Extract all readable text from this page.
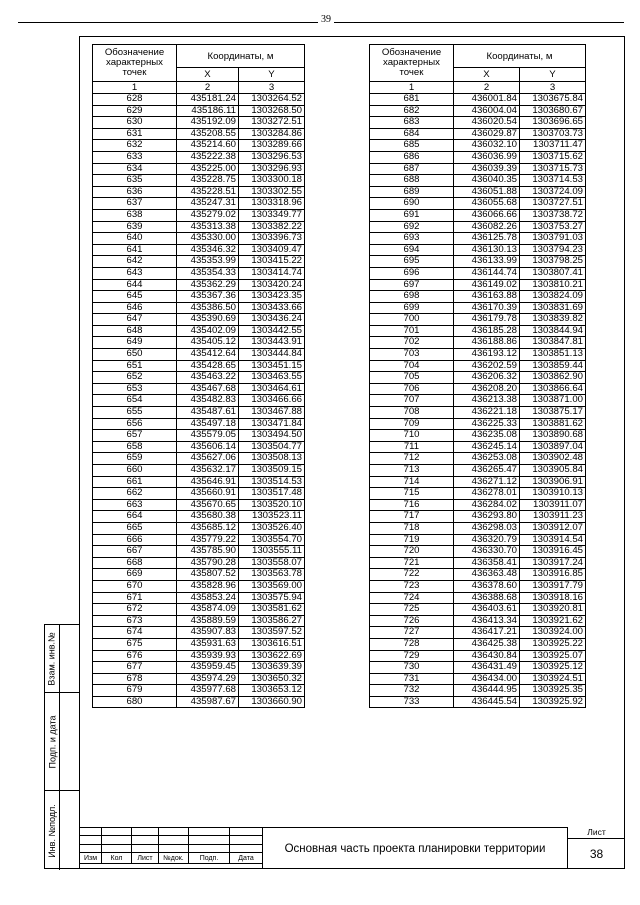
39
Обозначение характерных точек	Координаты, м	
	X	Y
1	2	3
628	435181.24	1303264.52
629	435186.11	1303268.50
630	435192.09	1303272.51
631	435208.55	1303284.86
632	435214.60	1303289.66
633	435222.38	1303296.53
634	435225.00	1303296.93
635	435228.75	1303300.18
636	435228.51	1303302.55
637	435247.31	1303318.96
638	435279.02	1303349.77
639	435313.38	1303382.22
640	435330.00	1303396.73
641	435346.32	1303409.47
642	435353.99	1303415.22
643	435354.33	1303414.74
644	435362.29	1303420.24
645	435367.36	1303423.35
646	435386.50	1303433.66
647	435390.69	1303436.24
648	435402.09	1303442.55
649	435405.12	1303443.91
650	435412.64	1303444.84
651	435428.65	1303451.15
652	435463.22	1303463.55
653	435467.68	1303464.61
654	435482.83	1303466.66
655	435487.61	1303467.88
656	435497.18	1303471.84
657	435579.05	1303494.50
658	435606.14	1303504.77
659	435627.06	1303508.13
660	435632.17	1303509.15
661	435646.91	1303514.53
662	435660.91	1303517.48
663	435670.65	1303520.10
664	435680.38	1303523.11
665	435685.12	1303526.40
666	435779.22	1303554.70
667	435785.90	1303555.11
668	435790.28	1303558.07
669	435807.52	1303563.78
670	435828.96	1303569.00
671	435853.24	1303575.94
672	435874.09	1303581.62
673	435889.59	1303586.27
674	435907.83	1303597.52
675	435931.63	1303616.51
676	435939.93	1303622.69
677	435959.45	1303639.39
678	435974.29	1303650.32
679	435977.68	1303653.12
680	435987.67	1303660.90
Обозначение характерных точек	Координаты, м	
	X	Y
1	2	3
681	436001.84	1303675.84
682	436004.04	1303680.67
683	436020.54	1303696.65
684	436029.87	1303703.73
685	436032.10	1303711.47
686	436036.99	1303715.62
687	436039.39	1303715.73
688	436040.35	1303714.53
689	436051.88	1303724.09
690	436055.68	1303727.51
691	436066.66	1303738.72
692	436082.26	1303753.27
693	436125.78	1303791.03
694	436130.13	1303794.23
695	436133.99	1303798.25
696	436144.74	1303807.41
697	436149.02	1303810.21
698	436163.88	1303824.09
699	436170.39	1303831.69
700	436179.78	1303839.82
701	436185.28	1303844.94
702	436188.86	1303847.81
703	436193.12	1303851.13
704	436202.59	1303859.44
705	436206.32	1303862.90
706	436208.20	1303866.64
707	436213.38	1303871.00
708	436221.18	1303875.17
709	436225.33	1303881.62
710	436235.08	1303890.68
711	436245.14	1303897.04
712	436253.08	1303902.48
713	436265.47	1303905.84
714	436271.12	1303906.91
715	436278.01	1303910.13
716	436284.02	1303911.07
717	436293.80	1303911.23
718	436298.03	1303912.07
719	436320.79	1303914.54
720	436330.70	1303916.45
721	436358.41	1303917.24
722	436363.48	1303916.85
723	436378.60	1303917.79
724	436388.68	1303918.16
725	436403.61	1303920.81
726	436413.34	1303921.62
727	436417.21	1303924.00
728	436425.38	1303925.22
729	436430.84	1303925.07
730	436431.49	1303925.12
731	436434.00	1303924.51
732	436444.95	1303925.35
733	436445.54	1303925.92
Взам. инв.№
Подп. и дата
Инв. №подл.

Изм	Кол	Лист	№док.	Подп.	Дата
Основная часть проекта планировки территории
Лист
38
